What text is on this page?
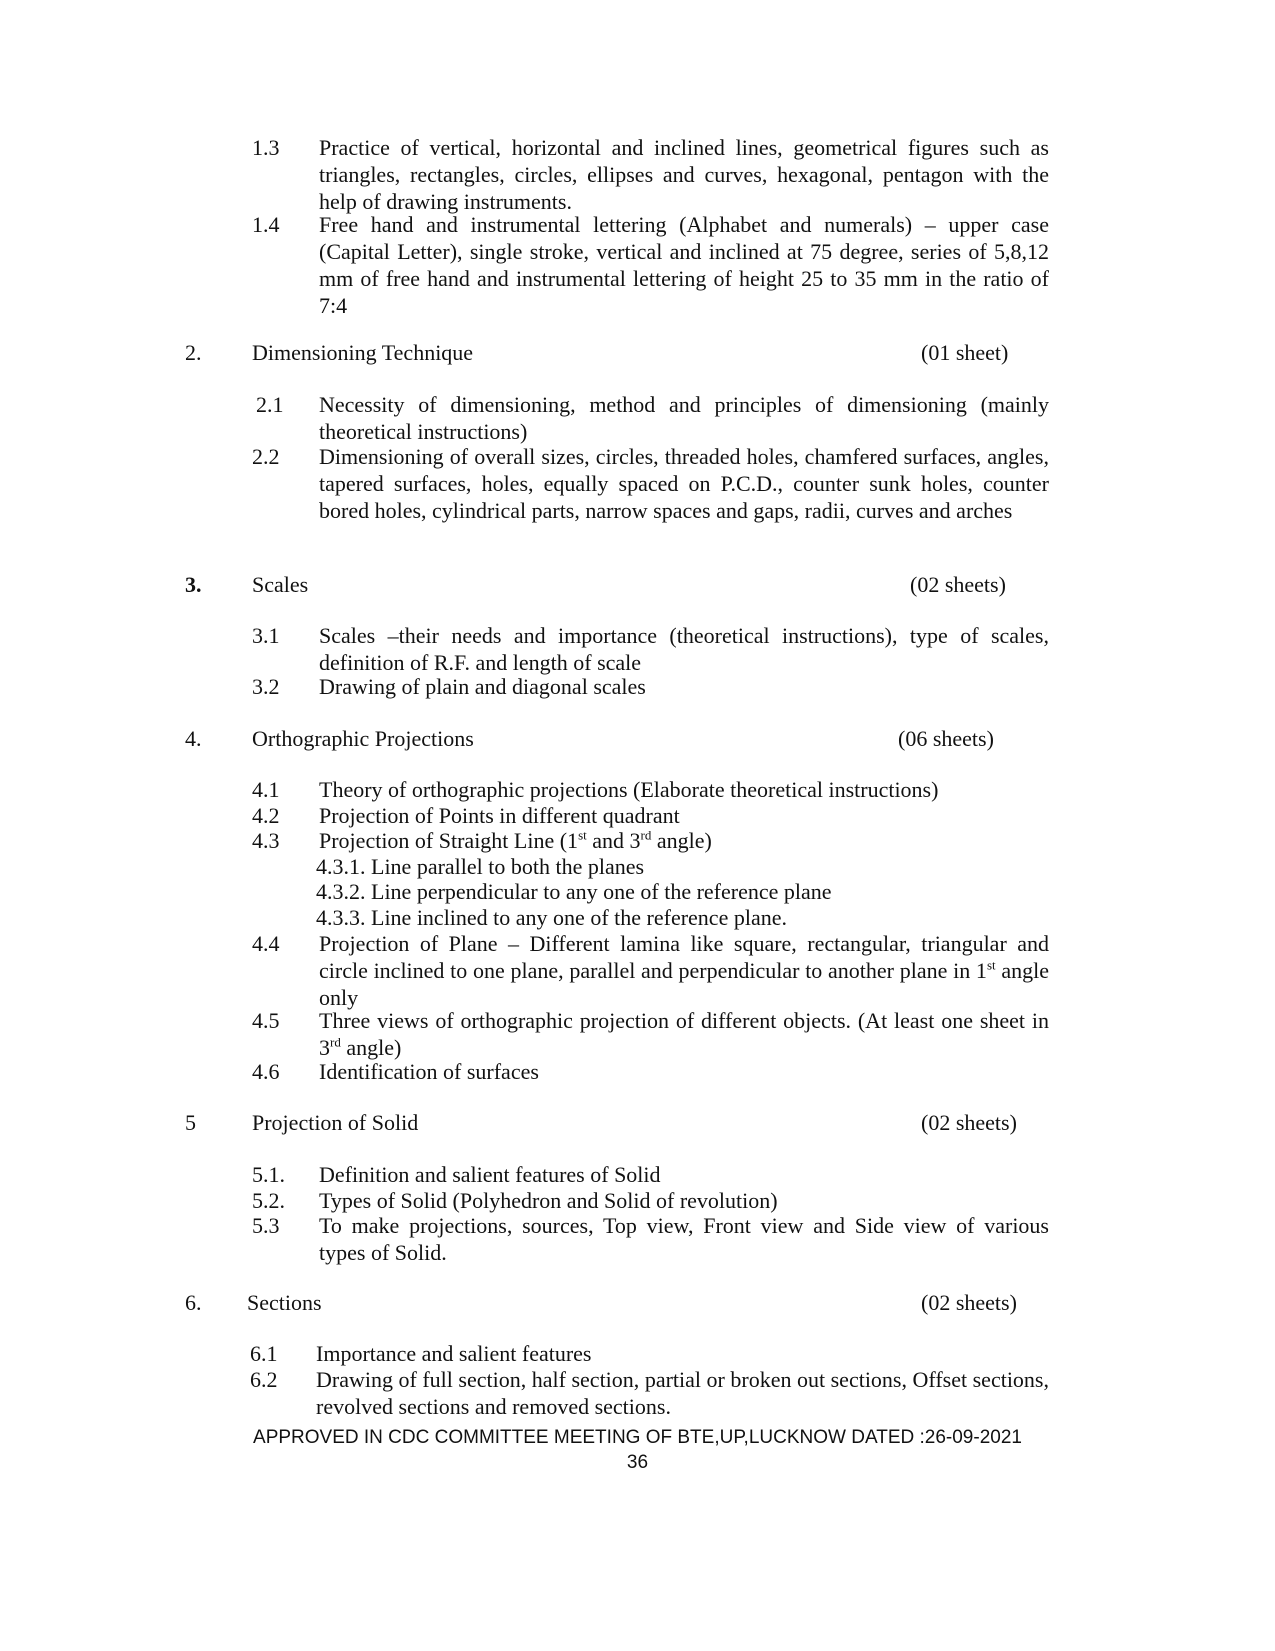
1.3 Practice of vertical, horizontal and inclined lines, geometrical figures such as triangles, rectangles, circles, ellipses and curves, hexagonal, pentagon with the help of drawing instruments.
1.4 Free hand and instrumental lettering (Alphabet and numerals) – upper case (Capital Letter), single stroke, vertical and inclined at 75 degree, series of 5,8,12 mm of free hand and instrumental lettering of height 25 to 35 mm in the ratio of 7:4
2. Dimensioning Technique	(01 sheet)
2.1 Necessity of dimensioning, method and principles of dimensioning (mainly theoretical instructions)
2.2 Dimensioning of overall sizes, circles, threaded holes, chamfered surfaces, angles, tapered surfaces, holes, equally spaced on P.C.D., counter sunk holes, counter bored holes, cylindrical parts, narrow spaces and gaps, radii, curves and arches
3. Scales	(02 sheets)
3.1 Scales –their needs and importance (theoretical instructions), type of scales, definition of R.F. and length of scale
3.2 Drawing of plain and diagonal scales
4. Orthographic Projections	(06 sheets)
4.1 Theory of orthographic projections (Elaborate theoretical instructions)
4.2 Projection of Points in different quadrant
4.3 Projection of Straight Line (1st and 3rd angle)
4.3.1. Line parallel to both the planes
4.3.2. Line perpendicular to any one of the reference plane
4.3.3. Line inclined to any one of the reference plane.
4.4 Projection of Plane – Different lamina like square, rectangular, triangular and circle inclined to one plane, parallel and perpendicular to another plane in 1st angle only
4.5 Three views of orthographic projection of different objects. (At least one sheet in 3rd angle)
4.6 Identification of surfaces
5	Projection of Solid	(02 sheets)
5.1. Definition and salient features of Solid
5.2. Types of Solid (Polyhedron and Solid of revolution)
5.3 To make projections, sources, Top view, Front view and Side view of various types of Solid.
6. Sections	(02 sheets)
6.1 Importance and salient features
6.2 Drawing of full section, half section, partial or broken out sections, Offset sections, revolved sections and removed sections.
APPROVED IN CDC COMMITTEE MEETING OF BTE,UP,LUCKNOW DATED :26-09-2021
36
